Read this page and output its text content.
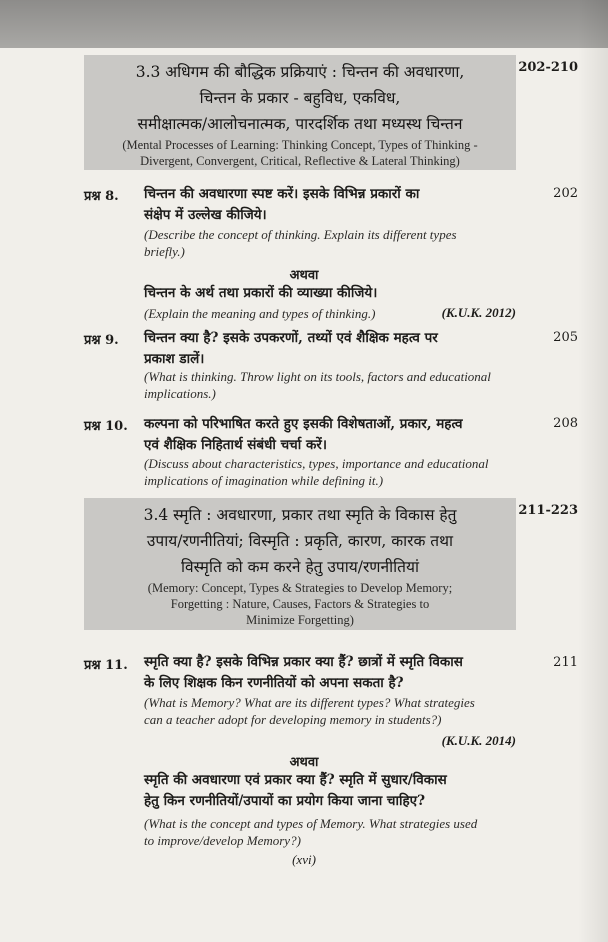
3.3 अधिगम की बौद्धिक प्रक्रियाएं : चिन्तन की अवधारणा,
चिन्तन के प्रकार - बहुविध, एकविध,
समीक्षात्मक/आलोचनात्मक, पारदर्शिक तथा मध्यस्थ चिन्तन
(Mental Processes of Learning: Thinking Concept, Types of Thinking -
Divergent, Convergent, Critical, Reflective & Lateral Thinking)
202-210
प्रश्न 8.	202
चिन्तन की अवधारणा स्पष्ट करें। इसके विभिन्न प्रकारों का
संक्षेप में उल्लेख कीजिये।
(Describe the concept of thinking. Explain its different types
briefly.)
अथवा
चिन्तन के अर्थ तथा प्रकारों की व्याख्या कीजिये।
(Explain the meaning and types of thinking.)	(K.U.K. 2012)
प्रश्न 9.	205
चिन्तन क्या है? इसके उपकरणों, तथ्यों एवं शैक्षिक महत्व पर
प्रकाश डालें।
(What is thinking. Throw light on its tools, factors and educational
implications.)
प्रश्न 10.	208
कल्पना को परिभाषित करते हुए इसकी विशेषताओं, प्रकार, महत्व
एवं शैक्षिक निहितार्थ संबंधी चर्चा करें।
(Discuss about characteristics, types, importance and educational
implications of imagination while defining it.)
3.4 स्मृति : अवधारणा, प्रकार तथा स्मृति के विकास हेतु
उपाय/रणनीतियां; विस्मृति : प्रकृति, कारण, कारक तथा
विस्मृति को कम करने हेतु उपाय/रणनीतियां
(Memory: Concept, Types & Strategies to Develop Memory;
Forgetting : Nature, Causes, Factors & Strategies to
Minimize Forgetting)
211-223
प्रश्न 11.	211
स्मृति क्या है? इसके विभिन्न प्रकार क्या हैं? छात्रों में स्मृति विकास
के लिए शिक्षक किन रणनीतियों को अपना सकता है?
(What is Memory? What are its different types? What strategies
can a teacher adopt for developing memory in students?)
(K.U.K. 2014)
अथवा
स्मृति की अवधारणा एवं प्रकार क्या हैं? स्मृति में सुधार/विकास
हेतु किन रणनीतियों/उपायों का प्रयोग किया जाना चाहिए?
(What is the concept and types of Memory. What strategies used
to improve/develop Memory?)
(xvi)
